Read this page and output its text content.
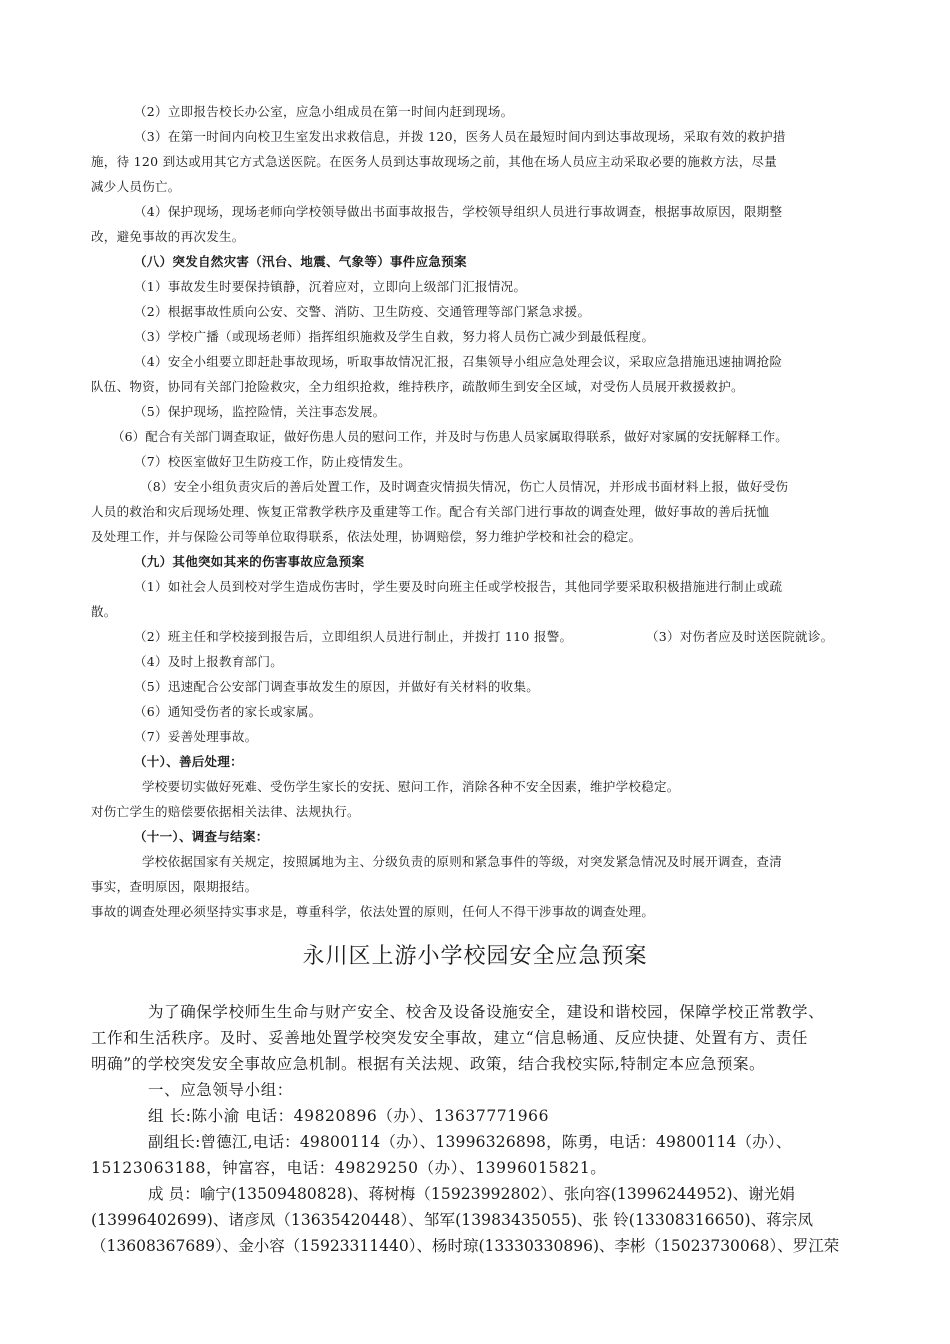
（2）立即报告校长办公室，应急小组成员在第一时间内赶到现场。
（3）在第一时间内向校卫生室发出求救信息，并拨 120，医务人员在最短时间内到达事故现场，采取有效的救护措
施，待 120 到达或用其它方式急送医院。在医务人员到达事故现场之前，其他在场人员应主动采取必要的施救方法，尽量
减少人员伤亡。
（4）保护现场，现场老师向学校领导做出书面事故报告，学校领导组织人员进行事故调查，根据事故原因，限期整
改，避免事故的再次发生。
（八）突发自然灾害（汛台、地震、气象等）事件应急预案
（1）事故发生时要保持镇静，沉着应对，立即向上级部门汇报情况。
（2）根据事故性质向公安、交警、消防、卫生防疫、交通管理等部门紧急求援。
（3）学校广播（或现场老师）指挥组织施救及学生自救，努力将人员伤亡减少到最低程度。
（4）安全小组要立即赶赴事故现场，听取事故情况汇报，召集领导小组应急处理会议，采取应急措施迅速抽调抢险
队伍、物资，协同有关部门抢险救灾，全力组织抢救，维持秩序，疏散师生到安全区域，对受伤人员展开救援救护。
（5）保护现场，监控险情，关注事态发展。
（6）配合有关部门调查取证，做好伤患人员的慰问工作，并及时与伤患人员家属取得联系，做好对家属的安抚解释工作。
（7）校医室做好卫生防疫工作，防止疫情发生。
（8）安全小组负责灾后的善后处置工作，及时调查灾情损失情况，伤亡人员情况，并形成书面材料上报，做好受伤
人员的救治和灾后现场处理、恢复正常教学秩序及重建等工作。配合有关部门进行事故的调查处理，做好事故的善后抚恤
及处理工作，并与保险公司等单位取得联系，依法处理，协调赔偿，努力维护学校和社会的稳定。
（九）其他突如其来的伤害事故应急预案
（1）如社会人员到校对学生造成伤害时，学生要及时向班主任或学校报告，其他同学要采取积极措施进行制止或疏
散。
（2）班主任和学校接到报告后，立即组织人员进行制止，并拨打 110 报警。	（3）对伤者应及时送医院就诊。
（4）及时上报教育部门。
（5）迅速配合公安部门调查事故发生的原因，并做好有关材料的收集。
（6）通知受伤者的家长或家属。
（7）妥善处理事故。
（十）、善后处理：
学校要切实做好死难、受伤学生家长的安抚、慰问工作，消除各种不安全因素，维护学校稳定。
对伤亡学生的赔偿要依据相关法律、法规执行。
（十一）、调查与结案：
学校依据国家有关规定，按照属地为主、分级负责的原则和紧急事件的等级，对突发紧急情况及时展开调查，查清
事实，查明原因，限期报结。
事故的调查处理必须坚持实事求是，尊重科学，依法处置的原则，任何人不得干涉事故的调查处理。
永川区上游小学校园安全应急预案
为了确保学校师生生命与财产安全、校舍及设备设施安全，建设和谐校园，保障学校正常教学、
工作和生活秩序。及时、妥善地处置学校突发安全事故，建立“信息畅通、反应快捷、处置有方、责任
明确”的学校突发安全事故应急机制。根据有关法规、政策，结合我校实际,特制定本应急预案。
一、应急领导小组：
组 长:陈小渝 电话：49820896（办）、13637771966
副组长:曾德江,电话：49800114（办）、13996326898，陈勇，电话：49800114（办）、
15123063188，钟富容，电话：49829250（办）、13996015821。
成 员：喻宁(13509480828)、蒋树梅（15923992802）、张向容(13996244952)、谢光娟
(13996402699)、诸彦凤（13635420448）、邹军(13983435055)、张 铃(13308316650)、蒋宗凤
（13608367689）、金小容（15923311440）、杨时琼(13330330896)、李彬（15023730068）、罗江荣
